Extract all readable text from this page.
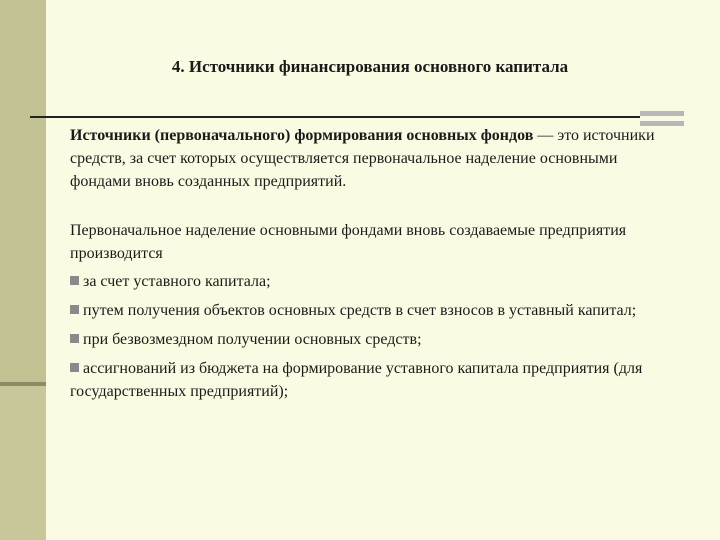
4. Источники финансирования основного капитала

Источники (первоначального) формирования основных фондов — это источники средств, за счет которых осуществляется первоначальное наделение основными фондами вновь созданных предприятий.

Первоначальное наделение основными фондами вновь создаваемые предприятия производится

за счет уставного капитала;
путем получения объектов основных средств в счет взносов в уставный капитал;
при безвозмездном получении основных средств;
ассигнований из бюджета на формирование уставного капитала предприятия (для государственных предприятий);
